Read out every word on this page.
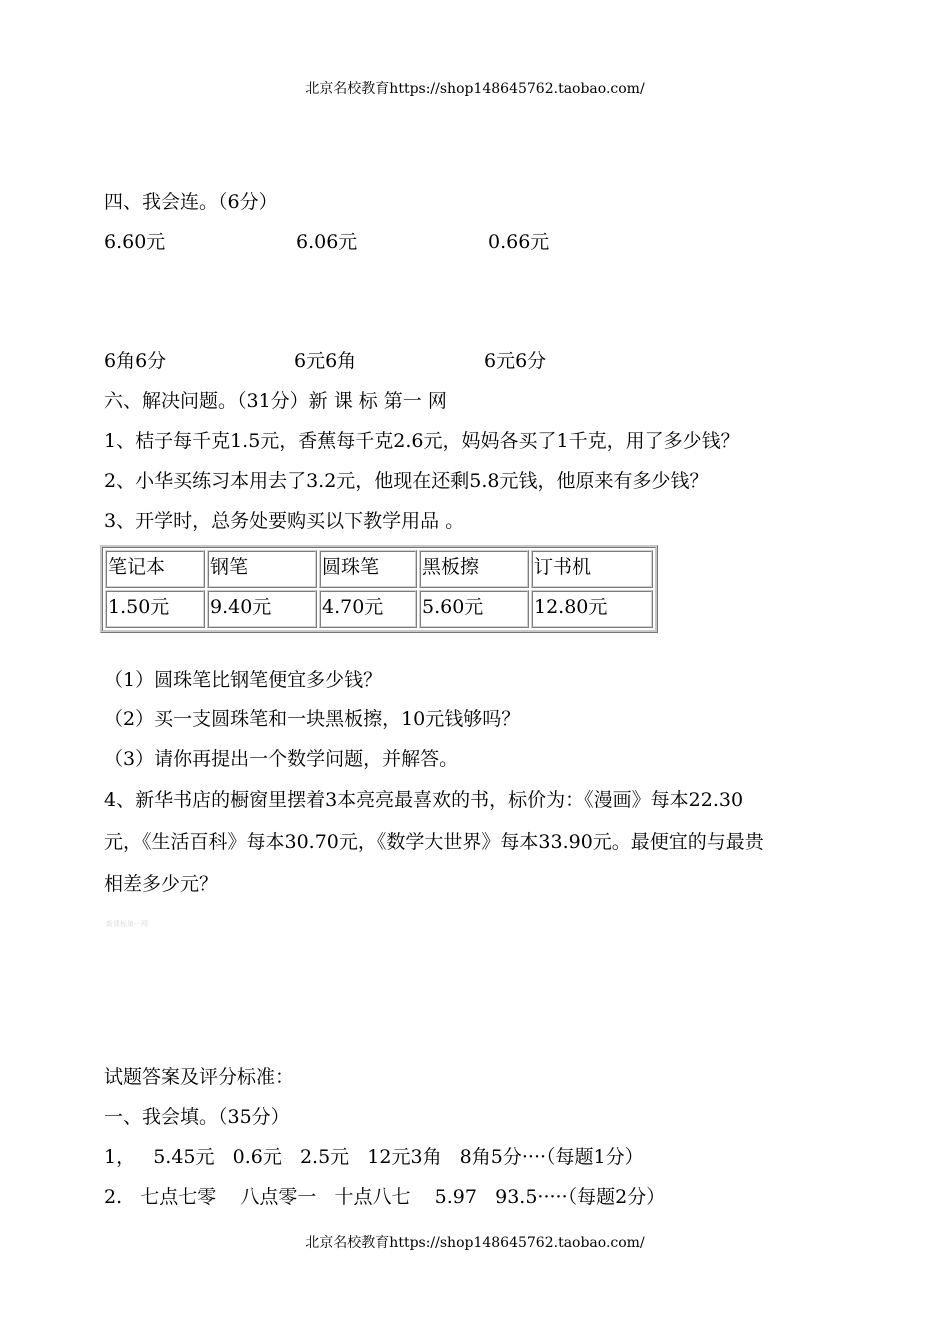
北京名校教育https://shop148645762.taobao.com/
四、我会连。（6分）
6.60元	6.06元	0.66元
6角6分	6元6角	6元6分
六、解决问题。（31分）新 课 标 第一 网
1、桔子每千克1.5元，香蕉每千克2.6元，妈妈各买了1千克，用了多少钱？
2、小华买练习本用去了3.2元，他现在还剩5.8元钱，他原来有多少钱？
3、开学时，总务处要购买以下教学用品 。
笔记本	钢笔	圆珠笔	黑板擦	订书机
1.50元	9.40元	4.70元	5.60元	12.80元
（1）圆珠笔比钢笔便宜多少钱？
（2）买一支圆珠笔和一块黑板擦，10元钱够吗？
（3）请你再提出一个数学问题，并解答。
4、新华书店的橱窗里摆着3本亮亮最喜欢的书，标价为：《漫画》每本22.30
元，《生活百科》每本30.70元，《数学大世界》每本33.90元。最便宜的与最贵
相差多少元？
新课标第一网
试题答案及评分标准：
一、我会填。（35分）
1，   5.45元   0.6元   2.5元   12元3角   8角5分····（每题1分）
2.   七点七零    八点零一   十点八七    5.97   93.5·····（每题2分）
北京名校教育https://shop148645762.taobao.com/
